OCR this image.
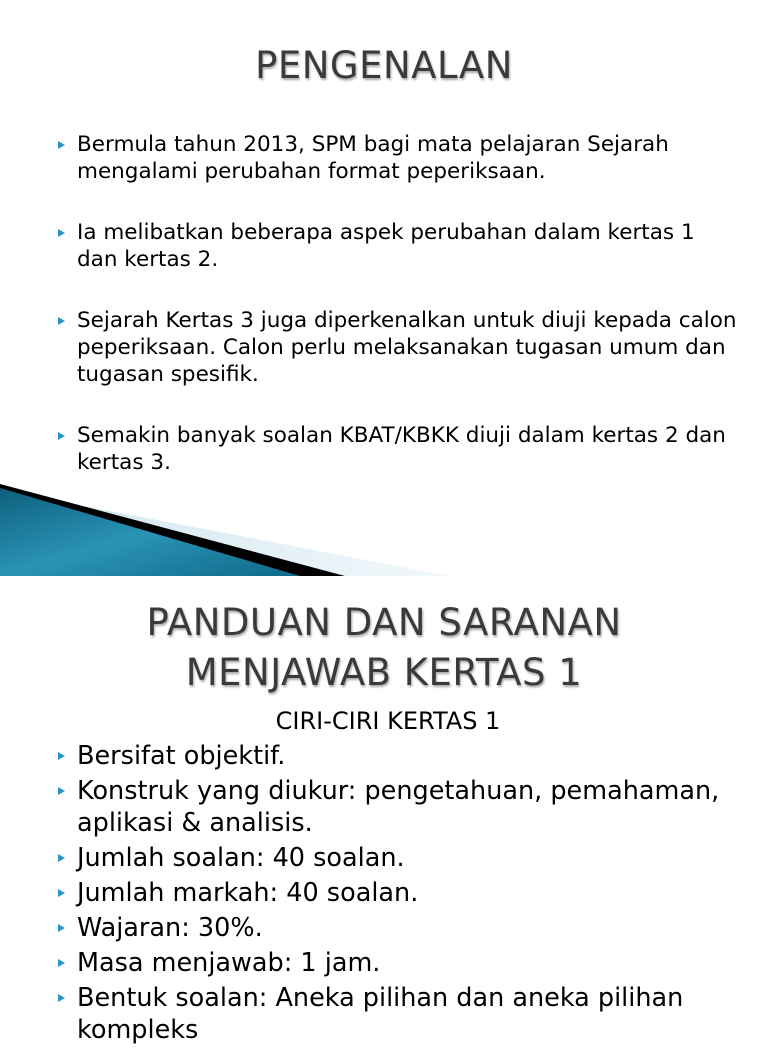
PENGENALAN
Bermula tahun 2013, SPM bagi mata pelajaran Sejarah mengalami perubahan format peperiksaan.
Ia melibatkan beberapa aspek perubahan dalam kertas 1 dan kertas 2.
Sejarah Kertas 3 juga diperkenalkan untuk diuji kepada calon peperiksaan. Calon perlu melaksanakan tugasan umum dan tugasan spesifik.
Semakin banyak soalan KBAT/KBKK diuji dalam kertas 2 dan kertas 3.
PANDUAN DAN SARANAN
MENJAWAB KERTAS 1
CIRI-CIRI KERTAS 1
Bersifat objektif.
Konstruk yang diukur: pengetahuan, pemahaman, aplikasi & analisis.
Jumlah soalan: 40 soalan.
Jumlah markah: 40 soalan.
Wajaran: 30%.
Masa menjawab: 1 jam.
Bentuk soalan: Aneka pilihan dan aneka pilihan kompleks
